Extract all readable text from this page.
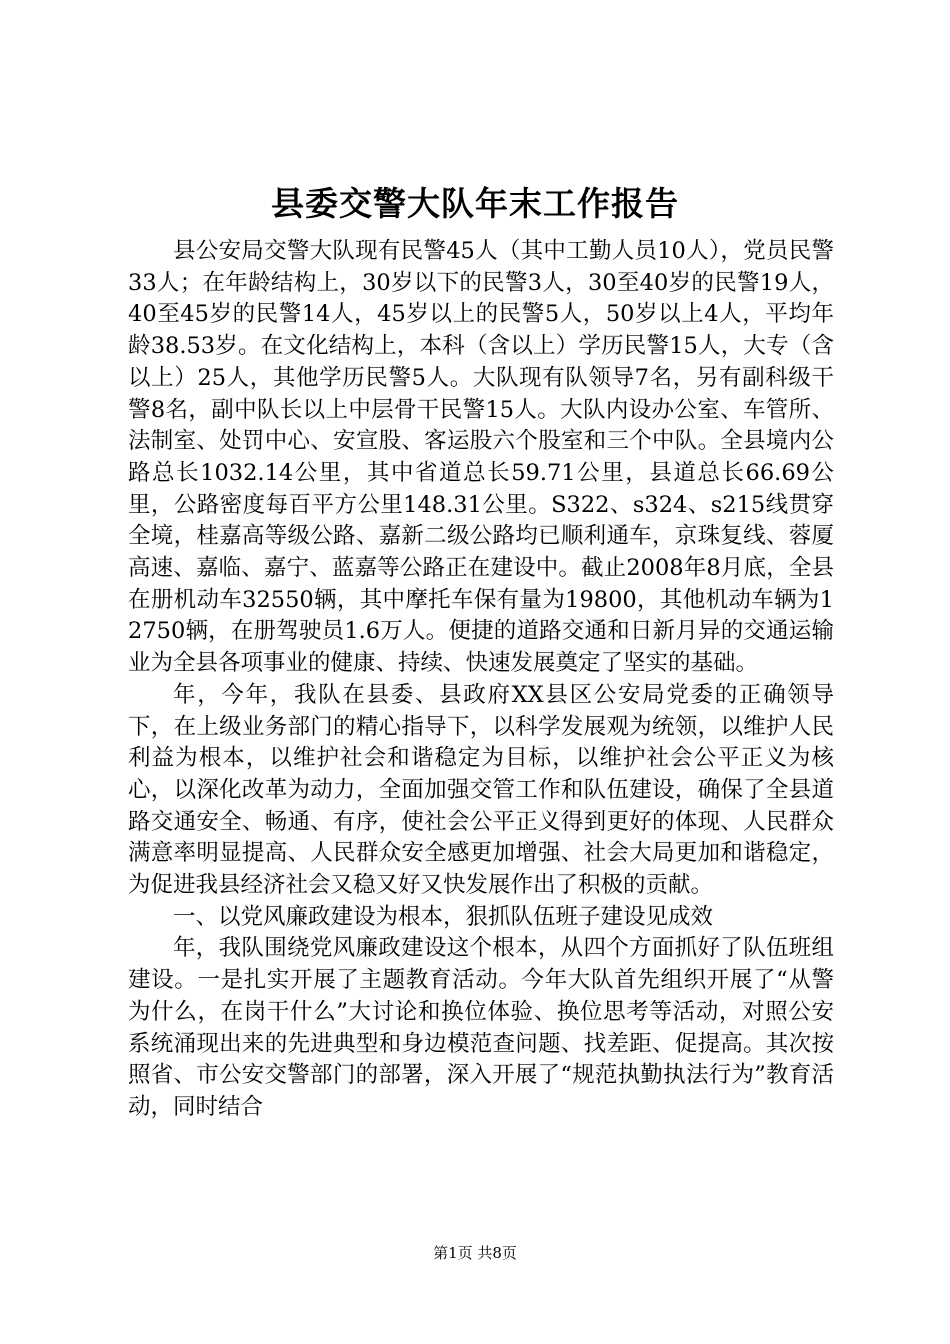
县委交警大队年末工作报告

县公安局交警大队现有民警45人（其中工勤人员10人），党员民警33人；在年龄结构上，30岁以下的民警3人，30至40岁的民警19人，40至45岁的民警14人，45岁以上的民警5人，50岁以上4人，平均年龄38.53岁。在文化结构上，本科（含以上）学历民警15人，大专（含以上）25人，其他学历民警5人。大队现有队领导7名，另有副科级干警8名，副中队长以上中层骨干民警15人。大队内设办公室、车管所、法制室、处罚中心、安宣股、客运股六个股室和三个中队。全县境内公路总长1032.14公里，其中省道总长59.71公里，县道总长66.69公里，公路密度每百平方公里148.31公里。S322、s324、s215线贯穿全境，桂嘉高等级公路、嘉新二级公路均已顺利通车，京珠复线、蓉厦高速、嘉临、嘉宁、蓝嘉等公路正在建设中。截止2008年8月底，全县在册机动车32550辆，其中摩托车保有量为19800，其他机动车辆为12750辆，在册驾驶员1.6万人。便捷的道路交通和日新月异的交通运输业为全县各项事业的健康、持续、快速发展奠定了坚实的基础。

年，今年，我队在县委、县政府XX县区公安局党委的正确领导下，在上级业务部门的精心指导下，以科学发展观为统领，以维护人民利益为根本，以维护社会和谐稳定为目标，以维护社会公平正义为核心，以深化改革为动力，全面加强交管工作和队伍建设，确保了全县道路交通安全、畅通、有序，使社会公平正义得到更好的体现、人民群众满意率明显提高、人民群众安全感更加增强、社会大局更加和谐稳定，为促进我县经济社会又稳又好又快发展作出了积极的贡献。

一、以党风廉政建设为根本，狠抓队伍班子建设见成效

年，我队围绕党风廉政建设这个根本，从四个方面抓好了队伍班组建设。一是扎实开展了主题教育活动。今年大队首先组织开展了“从警为什么，在岗干什么”大讨论和换位体验、换位思考等活动，对照公安系统涌现出来的先进典型和身边模范查问题、找差距、促提高。其次按照省、市公安交警部门的部署，深入开展了“规范执勤执法行为”教育活动，同时结合

第1页 共8页
